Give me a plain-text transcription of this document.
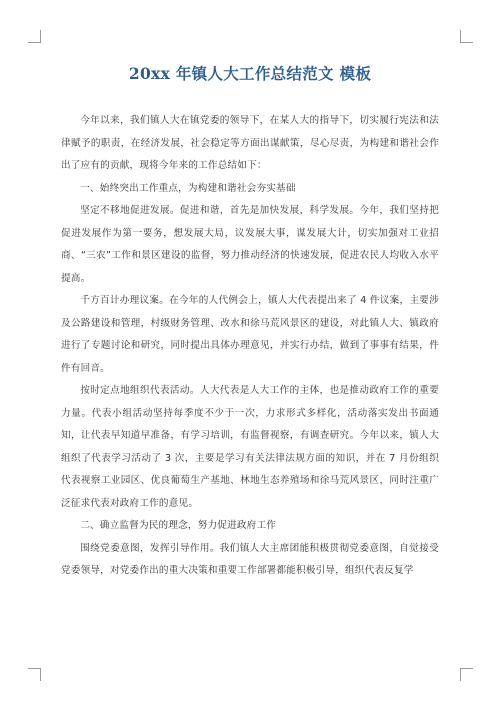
20xx 年镇人大工作总结范文 模板

今年以来，我们镇人大在镇党委的领导下，在某人大的指导下，切实履行宪法和法律赋予的职责，在经济发展，社会稳定等方面出谋献策，尽心尽责，为构建和谐社会作出了应有的贡献，现将今年来的工作总结如下：

一、始终突出工作重点，为构建和谐社会夯实基础

坚定不移地促进发展。促进和谐，首先是加快发展，科学发展。今年，我们坚持把促进发展作为第一要务，想发展大局，议发展大事，谋发展大计，切实加强对工业招商、“三农”工作和景区建设的监督，努力推动经济的快速发展，促进农民人均收入水平提高。

千方百计办理议案。在今年的人代例会上，镇人大代表提出来了 4 件议案，主要涉及公路建设和管理，村级财务管理、改水和徐马荒风景区的建设，对此镇人大、镇政府进行了专题讨论和研究，同时提出具体办理意见，并实行办结，做到了事事有结果，件件有回音。

按时定点地组织代表活动。人大代表是人大工作的主体，也是推动政府工作的重要力量。代表小组活动坚持每季度不少于一次，力求形式多样化，活动落实发出书面通知，让代表早知道早准备，有学习培训，有监督视察，有调查研究。今年以来，镇人大组织了代表学习活动了 3 次，主要是学习有关法律法规方面的知识，并在 7 月份组织代表视察工业园区、优良葡萄生产基地、林地生态养殖场和徐马荒风景区，同时注重广泛征求代表对政府工作的意见。

二、确立监督为民的理念，努力促进政府工作

围绕党委意图，发挥引导作用。我们镇人大主席团能积极贯彻党委意图，自觉接受党委领导，对党委作出的重大决策和重要工作部署都能积极引导，组织代表反复学
